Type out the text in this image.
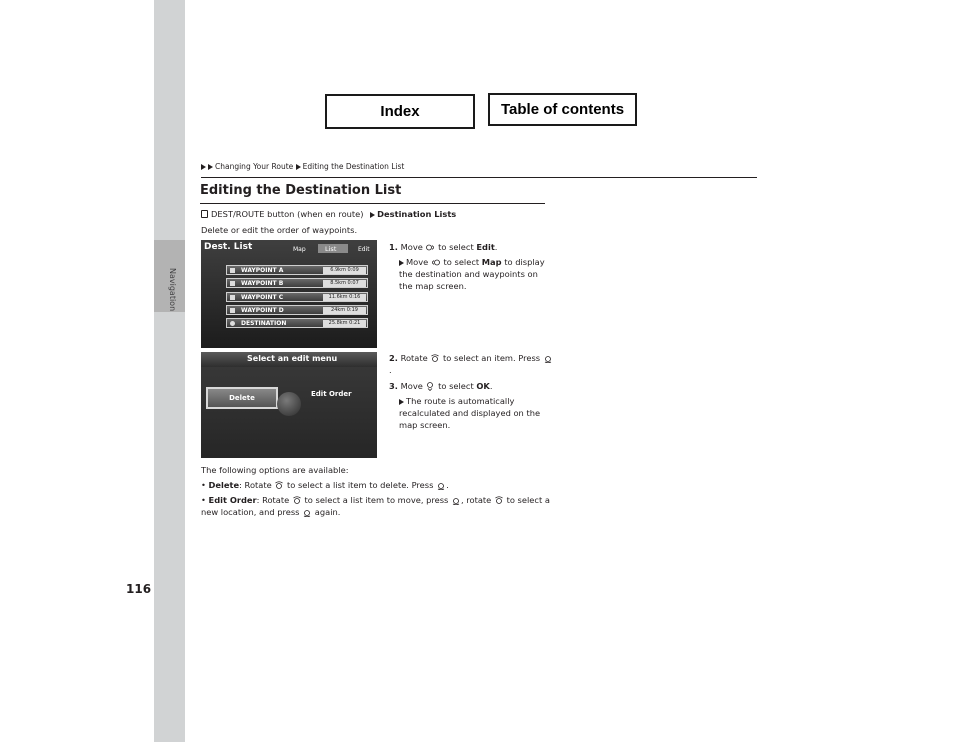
Navigation
116
Index	Table of contents
Changing Your Route Editing the Destination List
Editing the Destination List
DEST/ROUTE button (when en route) Destination Lists
Delete or edit the order of waypoints.
Dest. List	Map	List	Edit
WAYPOINT A	6.9km 0:09
WAYPOINT B	8.5km 0:07
WAYPOINT C	11.6km 0:16
WAYPOINT D	24km 0:19
DESTINATION	25.8km 0:21
Select an edit menu
Delete	Edit Order
1. Move to select Edit.
Move to select Map to display the destination and waypoints on the map screen.
2. Rotate to select an item. Press .
3. Move to select OK.
The route is automatically recalculated and displayed on the map screen.
The following options are available:
• Delete: Rotate to select a list item to delete. Press .
• Edit Order: Rotate to select a list item to move, press , rotate to select a new location, and press again.
